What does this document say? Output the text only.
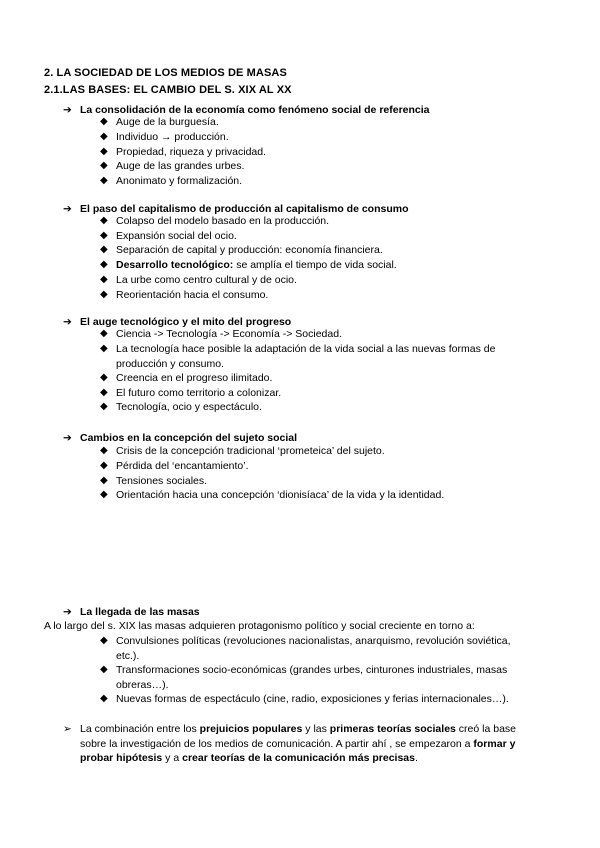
2. LA SOCIEDAD DE LOS MEDIOS DE MASAS
2.1.LAS BASES: EL CAMBIO DEL S. XIX AL XX
➔ La consolidación de la economía como fenómeno social de referencia
◆ Auge de la burguesía.
◆ Individuo → producción.
◆ Propiedad, riqueza y privacidad.
◆ Auge de las grandes urbes.
◆ Anonimato y formalización.
➔ El paso del capitalismo de producción al capitalismo de consumo
◆ Colapso del modelo basado en la producción.
◆ Expansión social del ocio.
◆ Separación de capital y producción: economía financiera.
◆ Desarrollo tecnológico: se amplía el tiempo de vida social.
◆ La urbe como centro cultural y de ocio.
◆ Reorientación hacia el consumo.
➔ El auge tecnológico y el mito del progreso
◆ Ciencia -> Tecnología -> Economía -> Sociedad.
◆ La tecnología hace posible la adaptación de la vida social a las nuevas formas de producción y consumo.
◆ Creencia en el progreso ilimitado.
◆ El futuro como territorio a colonizar.
◆ Tecnología, ocio y espectáculo.
➔ Cambios en la concepción del sujeto social
◆ Crisis de la concepción tradicional ‘prometeica’ del sujeto.
◆ Pérdida del ‘encantamiento’.
◆ Tensiones sociales.
◆ Orientación hacia una concepción ‘dionisíaca’ de la vida y la identidad.
➔ La llegada de las masas
A lo largo del s. XIX las masas adquieren protagonismo político y social creciente en torno a:
◆ Convulsiones políticas (revoluciones nacionalistas, anarquismo, revolución soviética, etc.).
◆ Transformaciones socio-económicas (grandes urbes, cinturones industriales, masas obreras…).
◆ Nuevas formas de espectáculo (cine, radio, exposiciones y ferias internacionales…).
➢ La combinación entre los prejuicios populares y las primeras teorías sociales creó la base sobre la investigación de los medios de comunicación. A partir ahí , se empezaron a formar y probar hipótesis y a crear teorías de la comunicación más precisas.
